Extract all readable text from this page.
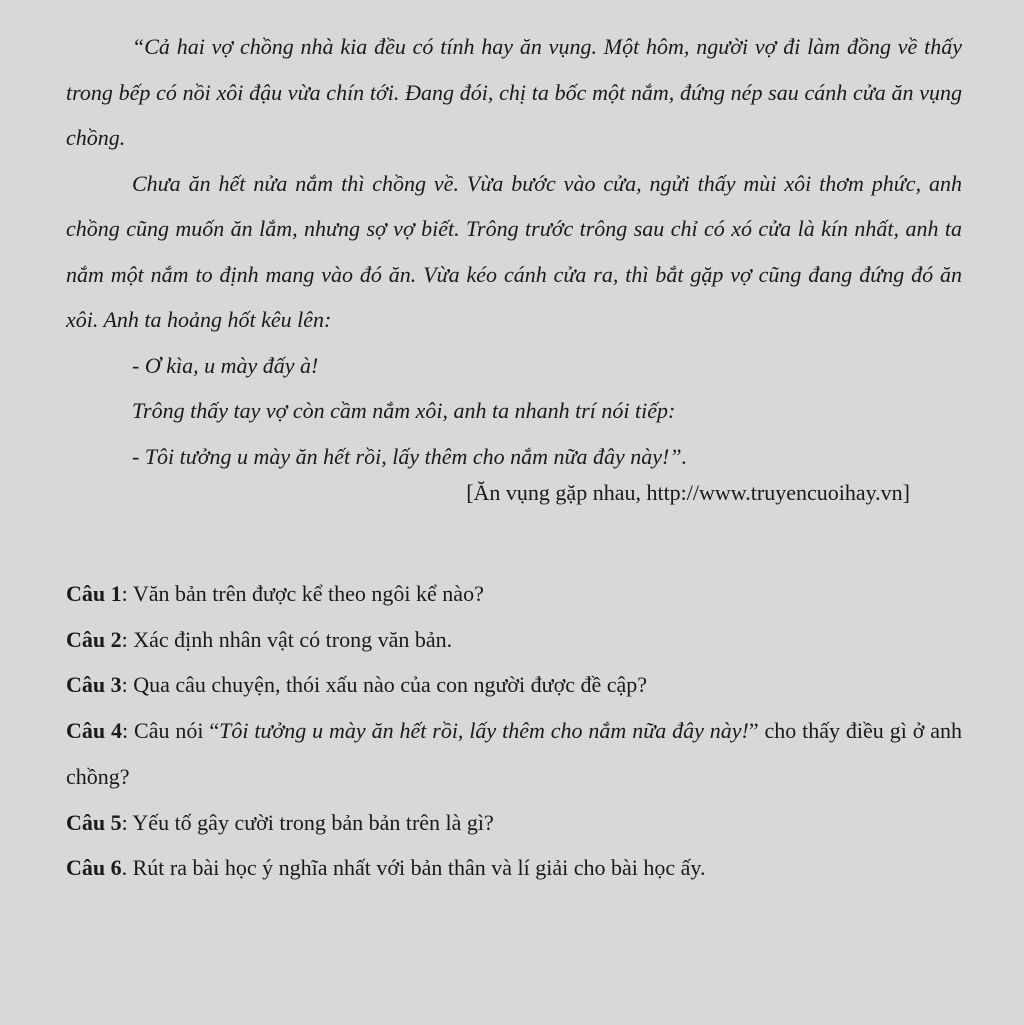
“Cả hai vợ chồng nhà kia đều có tính hay ăn vụng. Một hôm, người vợ đi làm đồng về thấy trong bếp có nồi xôi đậu vừa chín tới. Đang đói, chị ta bốc một nắm, đứng nép sau cánh cửa ăn vụng chồng.

Chưa ăn hết nửa nắm thì chồng về. Vừa bước vào cửa, ngửi thấy mùi xôi thơm phức, anh chồng cũng muốn ăn lắm, nhưng sợ vợ biết. Trông trước trông sau chỉ có xó cửa là kín nhất, anh ta nắm một nắm to định mang vào đó ăn. Vừa kéo cánh cửa ra, thì bắt gặp vợ cũng đang đứng đó ăn xôi. Anh ta hoảng hốt kêu lên:

- Ơ kìa, u mày đấy à!

Trông thấy tay vợ còn cầm nắm xôi, anh ta nhanh trí nói tiếp:

- Tôi tưởng u mày ăn hết rồi, lấy thêm cho nắm nữa đây này!”.

[Ăn vụng gặp nhau, http://www.truyencuoihay.vn]

Câu 1: Văn bản trên được kể theo ngôi kể nào?

Câu 2: Xác định nhân vật có trong văn bản.

Câu 3: Qua câu chuyện, thói xấu nào của con người được đề cập?

Câu 4: Câu nói “Tôi tưởng u mày ăn hết rồi, lấy thêm cho nắm nữa đây này!” cho thấy điều gì ở anh chồng?

Câu 5: Yếu tố gây cười trong bản bản trên là gì?

Câu 6. Rút ra bài học ý nghĩa nhất với bản thân và lí giải cho bài học ấy.
